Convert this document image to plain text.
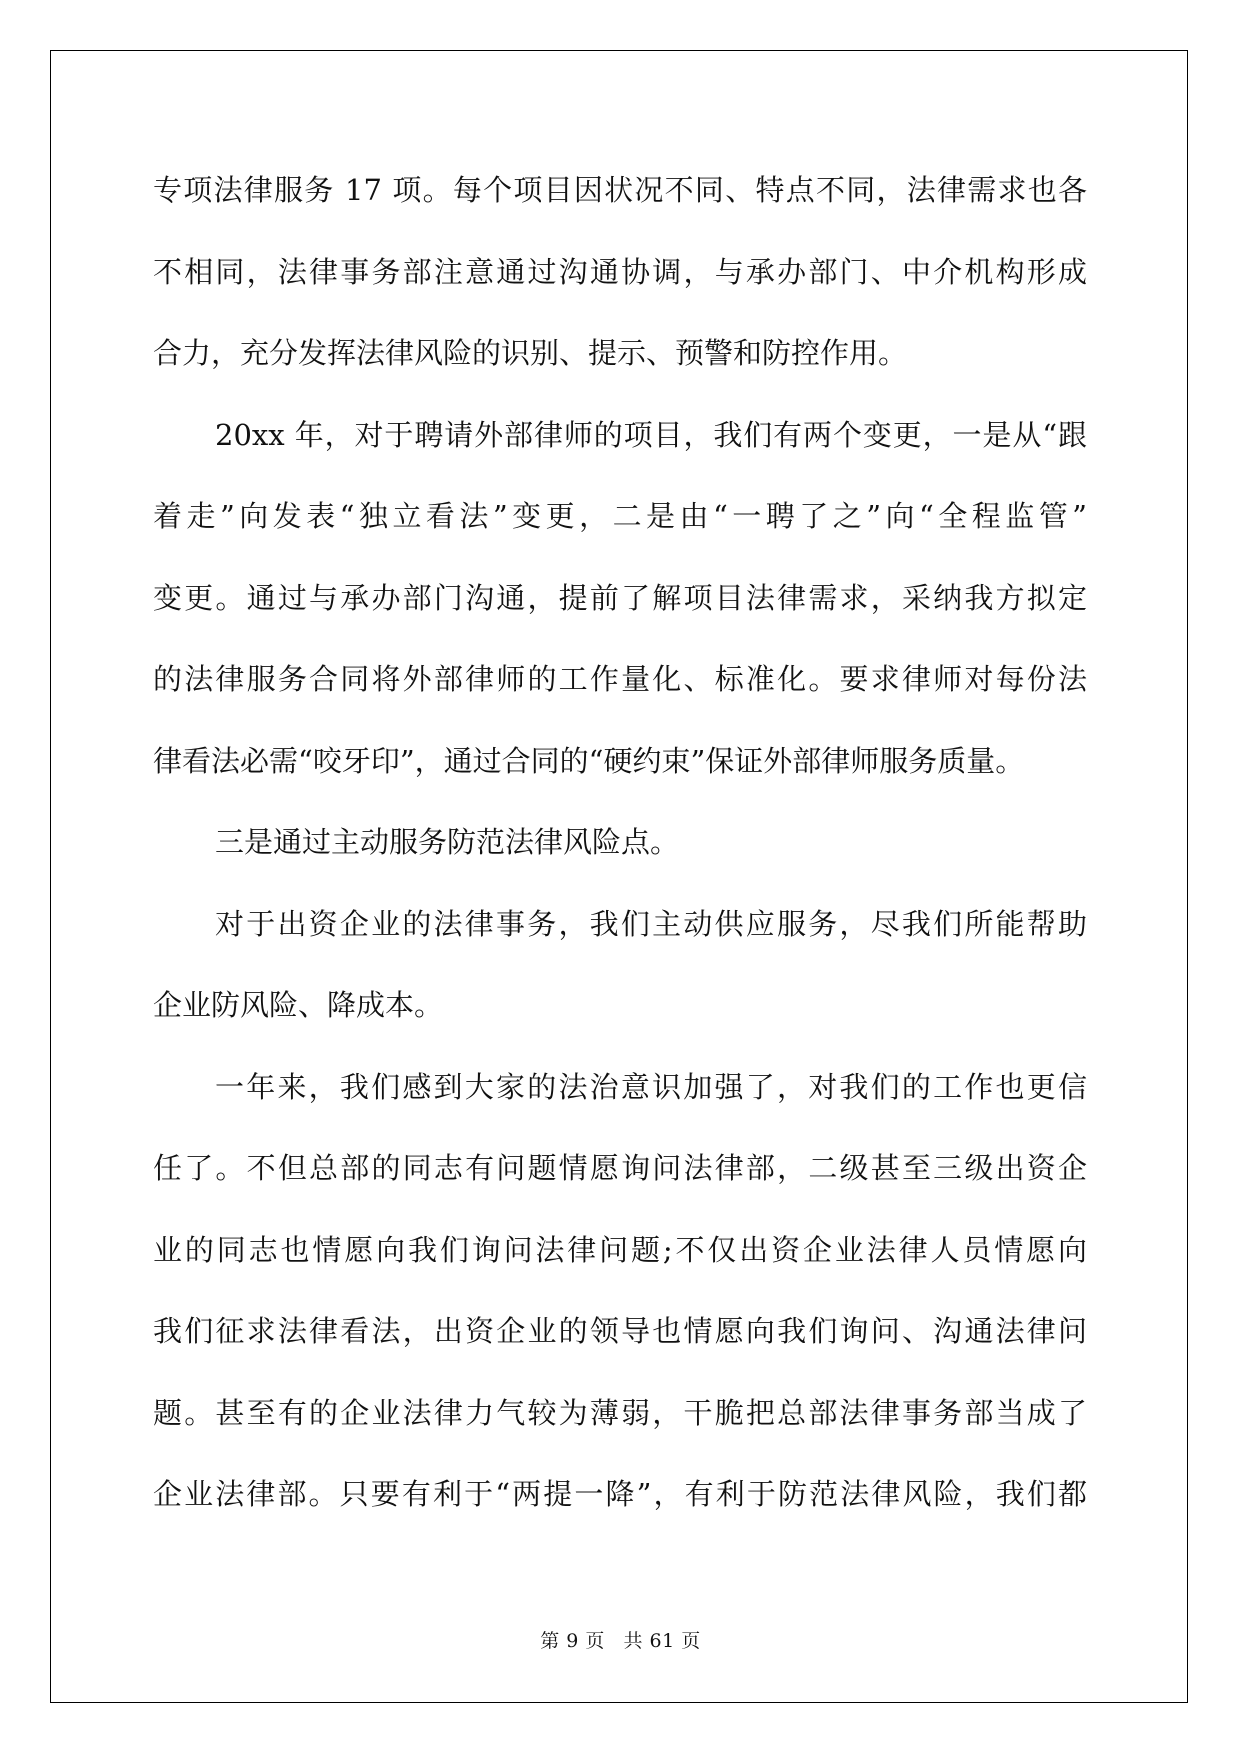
专项法律服务 17 项。每个项目因状况不同、特点不同，法律需求也各
不相同，法律事务部注意通过沟通协调，与承办部门、中介机构形成
合力，充分发挥法律风险的识别、提示、预警和防控作用。
20xx 年，对于聘请外部律师的项目，我们有两个变更，一是从“跟
着走”向发表“独立看法”变更，二是由“一聘了之”向“全程监管”
变更。通过与承办部门沟通，提前了解项目法律需求，采纳我方拟定
的法律服务合同将外部律师的工作量化、标准化。要求律师对每份法
律看法必需“咬牙印”，通过合同的“硬约束”保证外部律师服务质量。
三是通过主动服务防范法律风险点。
对于出资企业的法律事务，我们主动供应服务，尽我们所能帮助
企业防风险、降成本。
一年来，我们感到大家的法治意识加强了，对我们的工作也更信
任了。不但总部的同志有问题情愿询问法律部，二级甚至三级出资企
业的同志也情愿向我们询问法律问题;不仅出资企业法律人员情愿向
我们征求法律看法，出资企业的领导也情愿向我们询问、沟通法律问
题。甚至有的企业法律力气较为薄弱，干脆把总部法律事务部当成了
企业法律部。只要有利于“两提一降”，有利于防范法律风险，我们都
第 9 页 共 61 页
